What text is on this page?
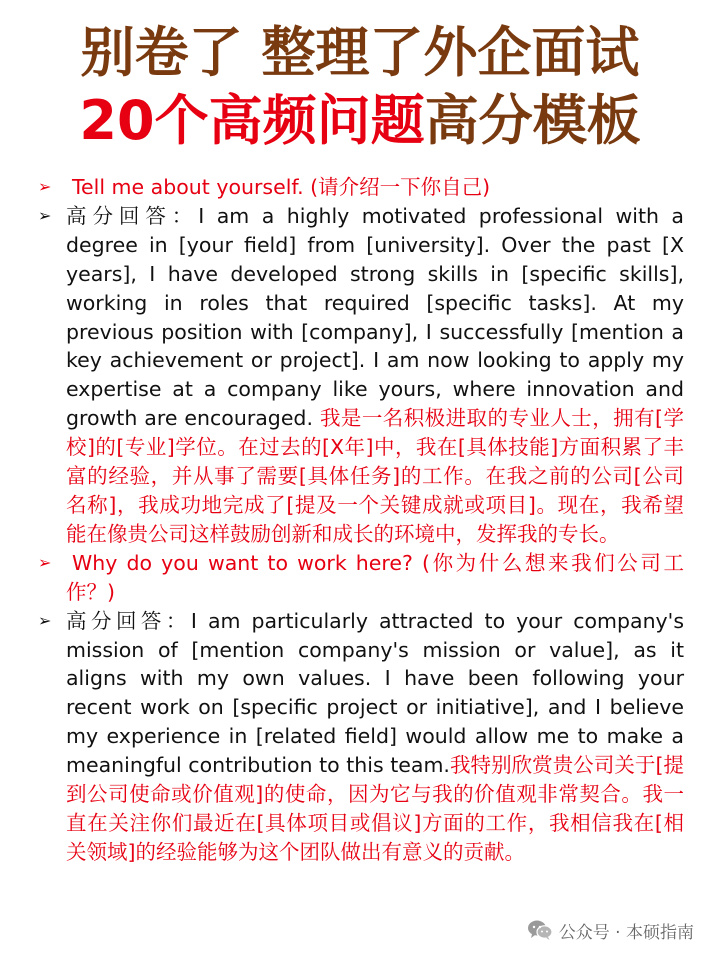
别卷了 整理了外企面试
20个高频问题高分模板
➢	Tell me about yourself. (请介绍一下你自己)
➢ 高分回答：I am a highly motivated professional with a degree in [your field] from [university]. Over the past [X years], I have developed strong skills in [specific skills], working in roles that required [specific tasks]. At my previous position with [company], I successfully [mention a key achievement or project]. I am now looking to apply my expertise at a company like yours, where innovation and growth are encouraged. 我是一名积极进取的专业人士，拥有[学校]的[专业]学位。在过去的[X年]中，我在[具体技能]方面积累了丰富的经验，并从事了需要[具体任务]的工作。在我之前的公司[公司名称]，我成功地完成了[提及一个关键成就或项目]。现在，我希望能在像贵公司这样鼓励创新和成长的环境中，发挥我的专长。
➢	Why do you want to work here? (你为什么想来我们公司工作？)
➢ 高分回答：I am particularly attracted to your company's mission of [mention company's mission or value], as it aligns with my own values. I have been following your recent work on [specific project or initiative], and I believe my experience in [related field] would allow me to make a meaningful contribution to this team.我特别欣赏贵公司关于[提到公司使命或价值观]的使命，因为它与我的价值观非常契合。我一直在关注你们最近在[具体项目或倡议]方面的工作，我相信我在[相关领域]的经验能够为这个团队做出有意义的贡献。
公众号 · 本硕指南
